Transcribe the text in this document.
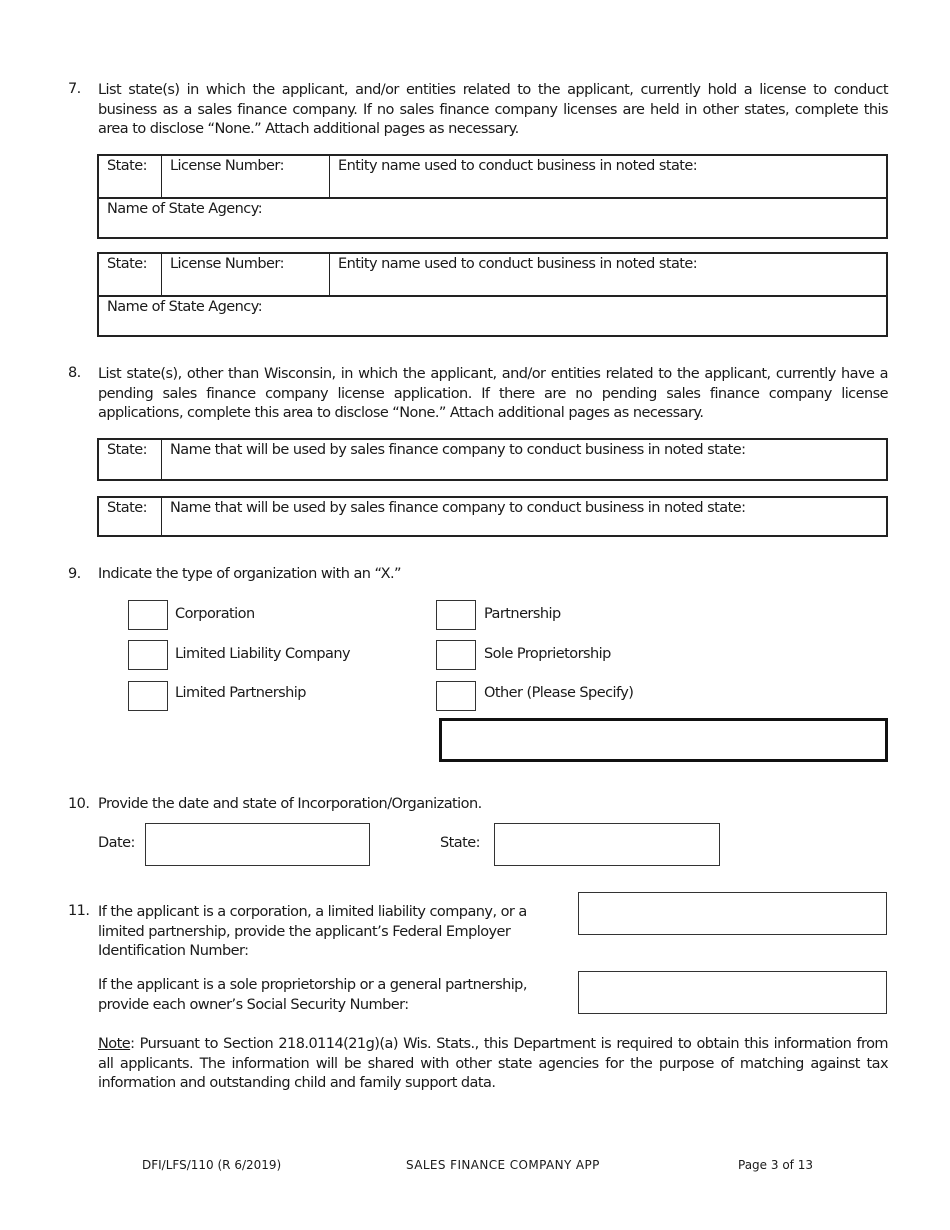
7. List state(s) in which the applicant, and/or entities related to the applicant, currently hold a license to conduct business as a sales finance company. If no sales finance company licenses are held in other states, complete this area to disclose “None.” Attach additional pages as necessary.
State:	License Number:	Entity name used to conduct business in noted state:
Name of State Agency:
State:	License Number:	Entity name used to conduct business in noted state:
Name of State Agency:
8. List state(s), other than Wisconsin, in which the applicant, and/or entities related to the applicant, currently have a pending sales finance company license application. If there are no pending sales finance company license applications, complete this area to disclose “None.” Attach additional pages as necessary.
State:	Name that will be used by sales finance company to conduct business in noted state:
State:	Name that will be used by sales finance company to conduct business in noted state:
9. Indicate the type of organization with an “X.”
Corporation	Partnership
Limited Liability Company	Sole Proprietorship
Limited Partnership	Other (Please Specify)
10. Provide the date and state of Incorporation/Organization.
Date:	State:
11. If the applicant is a corporation, a limited liability company, or a limited partnership, provide the applicant’s Federal Employer Identification Number:
If the applicant is a sole proprietorship or a general partnership, provide each owner’s Social Security Number:
Note: Pursuant to Section 218.0114(21g)(a) Wis. Stats., this Department is required to obtain this information from all applicants. The information will be shared with other state agencies for the purpose of matching against tax information and outstanding child and family support data.
DFI/LFS/110 (R 6/2019)	SALES FINANCE COMPANY APP	Page 3 of 13
